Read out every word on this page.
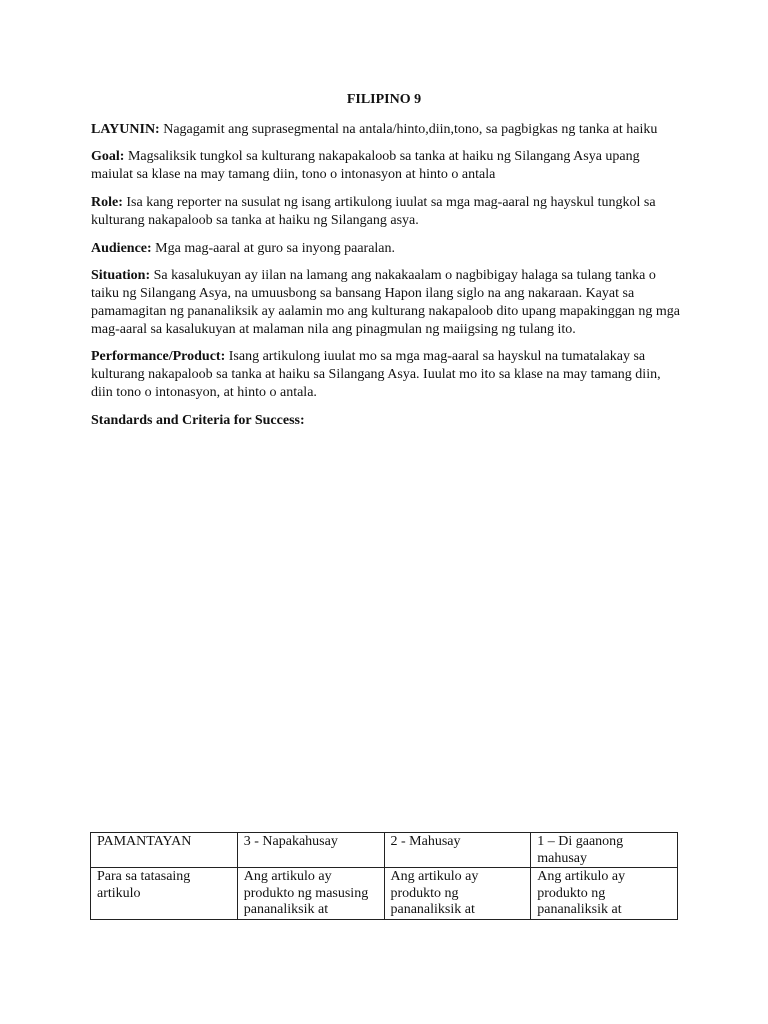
FILIPINO 9
LAYUNIN: Nagagamit ang suprasegmental na antala/hinto,diin,tono, sa pagbigkas ng tanka at haiku
Goal: Magsaliksik tungkol sa kulturang nakapakaloob sa tanka at haiku ng Silangang Asya upang maiulat sa klase na may tamang diin, tono o intonasyon at hinto o antala
Role: Isa kang reporter na susulat ng isang artikulong iuulat sa mga mag-aaral ng hayskul tungkol sa kulturang nakapaloob sa tanka at haiku ng Silangang asya.
Audience: Mga mag-aaral at guro sa inyong paaralan.
Situation: Sa kasalukuyan ay iilan na lamang ang nakakaalam o nagbibigay halaga sa tulang tanka o taiku ng Silangang Asya, na umuusbong sa bansang Hapon ilang siglo na ang nakaraan. Kayat sa pamamagitan ng pananaliksik ay aalamin mo ang kulturang nakapaloob dito upang mapakinggan ng mga mag-aaral sa kasalukuyan at malaman nila ang pinagmulan ng maiigsing ng tulang ito.
Performance/Product: Isang artikulong iuulat mo sa mga mag-aaral sa hayskul na tumatalakay sa kulturang nakapaloob sa tanka at haiku sa Silangang Asya. Iuulat mo ito sa klase na may tamang diin, diin tono o intonasyon, at hinto o antala.
Standards and Criteria for Success:
PAMANTAYAN	3 - Napakahusay	2 - Mahusay	1 – Di gaanong mahusay
Para sa tatasaing artikulo	Ang artikulo ay produkto ng masusing pananaliksik at	Ang artikulo ay produkto ng pananaliksik at	Ang artikulo ay produkto ng pananaliksik at
